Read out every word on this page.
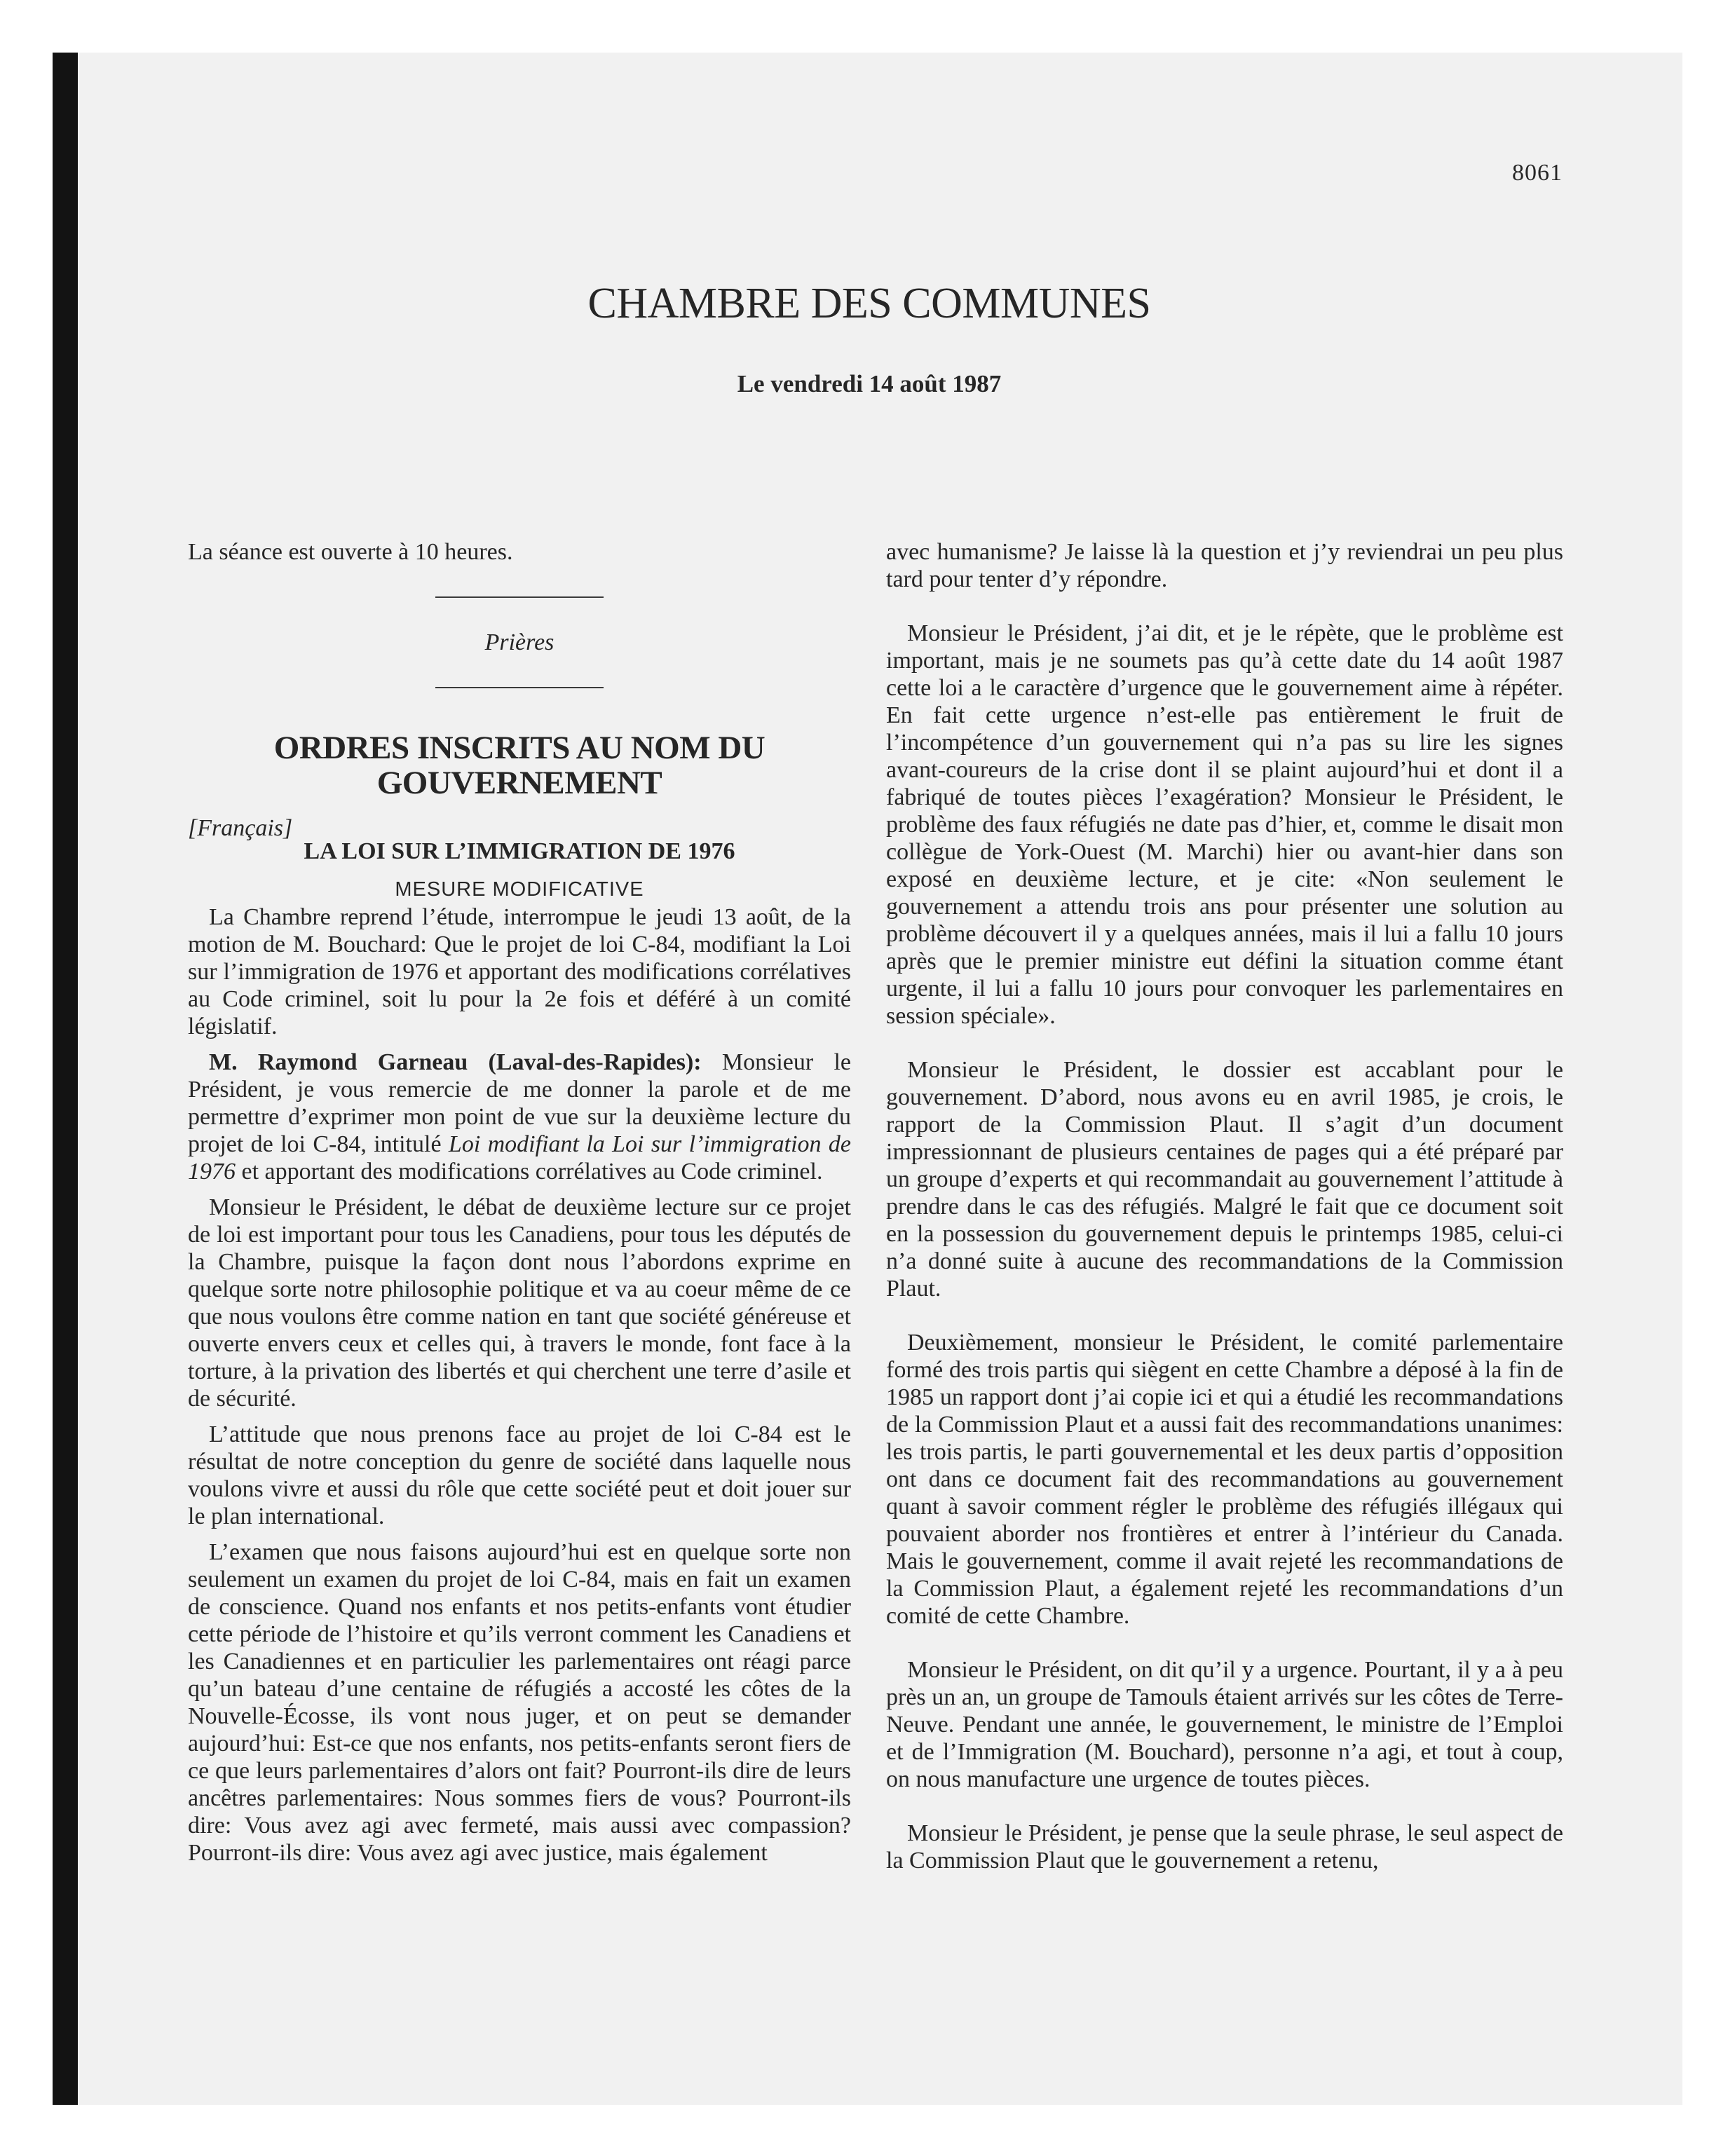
8061
CHAMBRE DES COMMUNES
Le vendredi 14 août 1987

La séance est ouverte à 10 heures.

Prières
ORDRES INSCRITS AU NOM DU GOUVERNEMENT
[Français]
LA LOI SUR L’IMMIGRATION DE 1976
MESURE MODIFICATIVE

La Chambre reprend l’étude, interrompue le jeudi 13 août, de la motion de M. Bouchard: Que le projet de loi C-84, modifiant la Loi sur l’immigration de 1976 et apportant des modifications corrélatives au Code criminel, soit lu pour la 2e fois et déféré à un comité législatif.

M. Raymond Garneau (Laval-des-Rapides): Monsieur le Président, je vous remercie de me donner la parole et de me permettre d’exprimer mon point de vue sur la deuxième lecture du projet de loi C-84, intitulé Loi modifiant la Loi sur l’immigration de 1976 et apportant des modifications corrélatives au Code criminel.

Monsieur le Président, le débat de deuxième lecture sur ce projet de loi est important pour tous les Canadiens, pour tous les députés de la Chambre, puisque la façon dont nous l’abordons exprime en quelque sorte notre philosophie politique et va au coeur même de ce que nous voulons être comme nation en tant que société généreuse et ouverte envers ceux et celles qui, à travers le monde, font face à la torture, à la privation des libertés et qui cherchent une terre d’asile et de sécurité.

L’attitude que nous prenons face au projet de loi C-84 est le résultat de notre conception du genre de société dans laquelle nous voulons vivre et aussi du rôle que cette société peut et doit jouer sur le plan international.

L’examen que nous faisons aujourd’hui est en quelque sorte non seulement un examen du projet de loi C-84, mais en fait un examen de conscience. Quand nos enfants et nos petits-enfants vont étudier cette période de l’histoire et qu’ils verront comment les Canadiens et les Canadiennes et en particulier les parlementaires ont réagi parce qu’un bateau d’une centaine de réfugiés a accosté les côtes de la Nouvelle-Écosse, ils vont nous juger, et on peut se demander aujourd’hui: Est-ce que nos enfants, nos petits-enfants seront fiers de ce que leurs parlementaires d’alors ont fait? Pourront-ils dire de leurs ancêtres parlementaires: Nous sommes fiers de vous? Pourront-ils dire: Vous avez agi avec fermeté, mais aussi avec compassion? Pourront-ils dire: Vous avez agi avec justice, mais également

avec humanisme? Je laisse là la question et j’y reviendrai un peu plus tard pour tenter d’y répondre.

Monsieur le Président, j’ai dit, et je le répète, que le problème est important, mais je ne soumets pas qu’à cette date du 14 août 1987 cette loi a le caractère d’urgence que le gouvernement aime à répéter. En fait cette urgence n’est-elle pas entièrement le fruit de l’incompétence d’un gouvernement qui n’a pas su lire les signes avant-coureurs de la crise dont il se plaint aujourd’hui et dont il a fabriqué de toutes pièces l’exagération? Monsieur le Président, le problème des faux réfugiés ne date pas d’hier, et, comme le disait mon collègue de York-Ouest (M. Marchi) hier ou avant-hier dans son exposé en deuxième lecture, et je cite: «Non seulement le gouvernement a attendu trois ans pour présenter une solution au problème découvert il y a quelques années, mais il lui a fallu 10 jours après que le premier ministre eut défini la situation comme étant urgente, il lui a fallu 10 jours pour convoquer les parlementaires en session spéciale».

Monsieur le Président, le dossier est accablant pour le gouvernement. D’abord, nous avons eu en avril 1985, je crois, le rapport de la Commission Plaut. Il s’agit d’un document impressionnant de plusieurs centaines de pages qui a été préparé par un groupe d’experts et qui recommandait au gouvernement l’attitude à prendre dans le cas des réfugiés. Malgré le fait que ce document soit en la possession du gouvernement depuis le printemps 1985, celui-ci n’a donné suite à aucune des recommandations de la Commission Plaut.

Deuxièmement, monsieur le Président, le comité parlementaire formé des trois partis qui siègent en cette Chambre a déposé à la fin de 1985 un rapport dont j’ai copie ici et qui a étudié les recommandations de la Commission Plaut et a aussi fait des recommandations unanimes: les trois partis, le parti gouvernemental et les deux partis d’opposition ont dans ce document fait des recommandations au gouvernement quant à savoir comment régler le problème des réfugiés illégaux qui pouvaient aborder nos frontières et entrer à l’intérieur du Canada. Mais le gouvernement, comme il avait rejeté les recommandations de la Commission Plaut, a également rejeté les recommandations d’un comité de cette Chambre.

Monsieur le Président, on dit qu’il y a urgence. Pourtant, il y a à peu près un an, un groupe de Tamouls étaient arrivés sur les côtes de Terre-Neuve. Pendant une année, le gouvernement, le ministre de l’Emploi et de l’Immigration (M. Bouchard), personne n’a agi, et tout à coup, on nous manufacture une urgence de toutes pièces.

Monsieur le Président, je pense que la seule phrase, le seul aspect de la Commission Plaut que le gouvernement a retenu,
